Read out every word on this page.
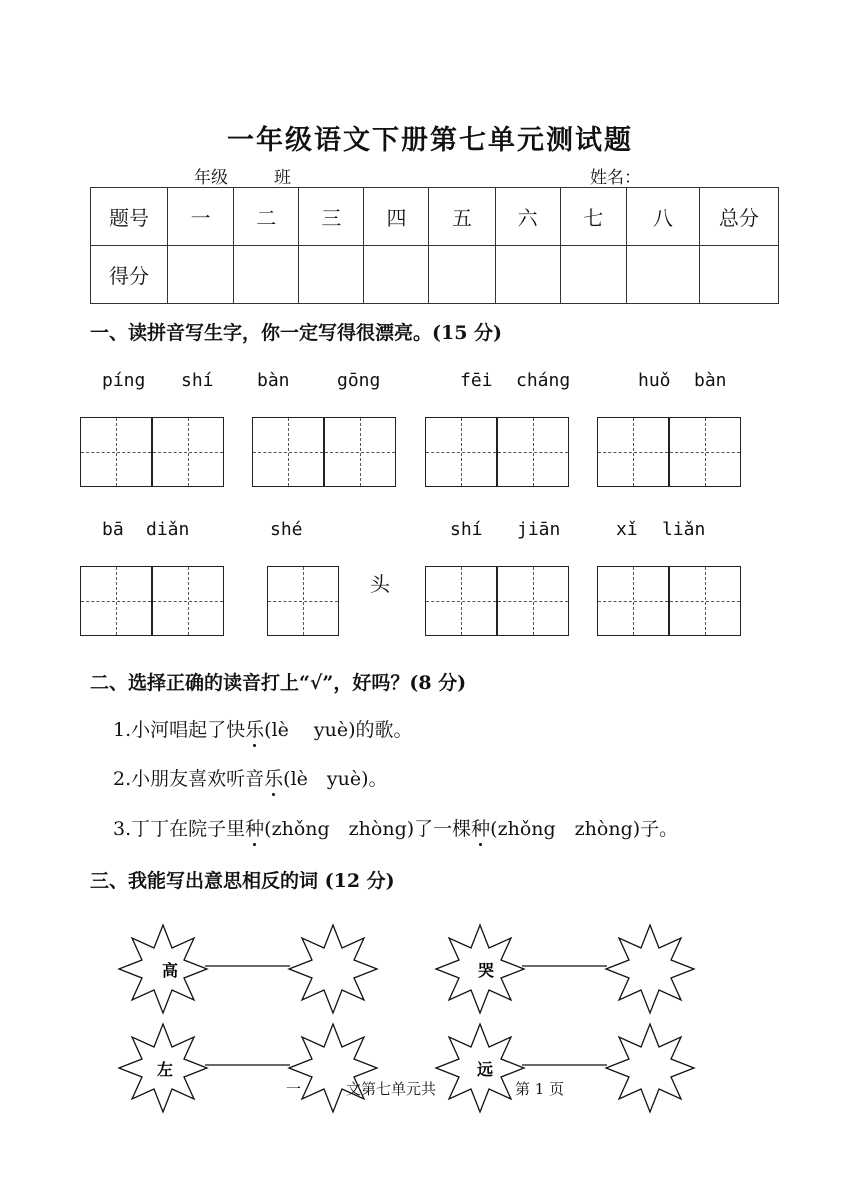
一年级语文下册第七单元测试题
年级	班	姓名：
题号	一	二	三	四	五	六	七	八	总分
得分									
一、读拼音写生字，你一定写得很漂亮。(15 分)
píng shí bàn	gōng	fēi cháng	huǒ bàn
bā diǎn	shé	shí jiān	xǐ liǎn
头
二、选择正确的读音打上“√”，好吗？(8 分)
1.小河唱起了快乐(lè　 yuè)的歌。
2.小朋友喜欢听音乐(lè　yuè)。
3.丁丁在院子里种(zhǒng　zhòng)了一棵种(zhǒng　zhòng)子。
三、我能写出意思相反的词 (12 分)
高	哭
左	远
一	文第七单元共	第 1 页
